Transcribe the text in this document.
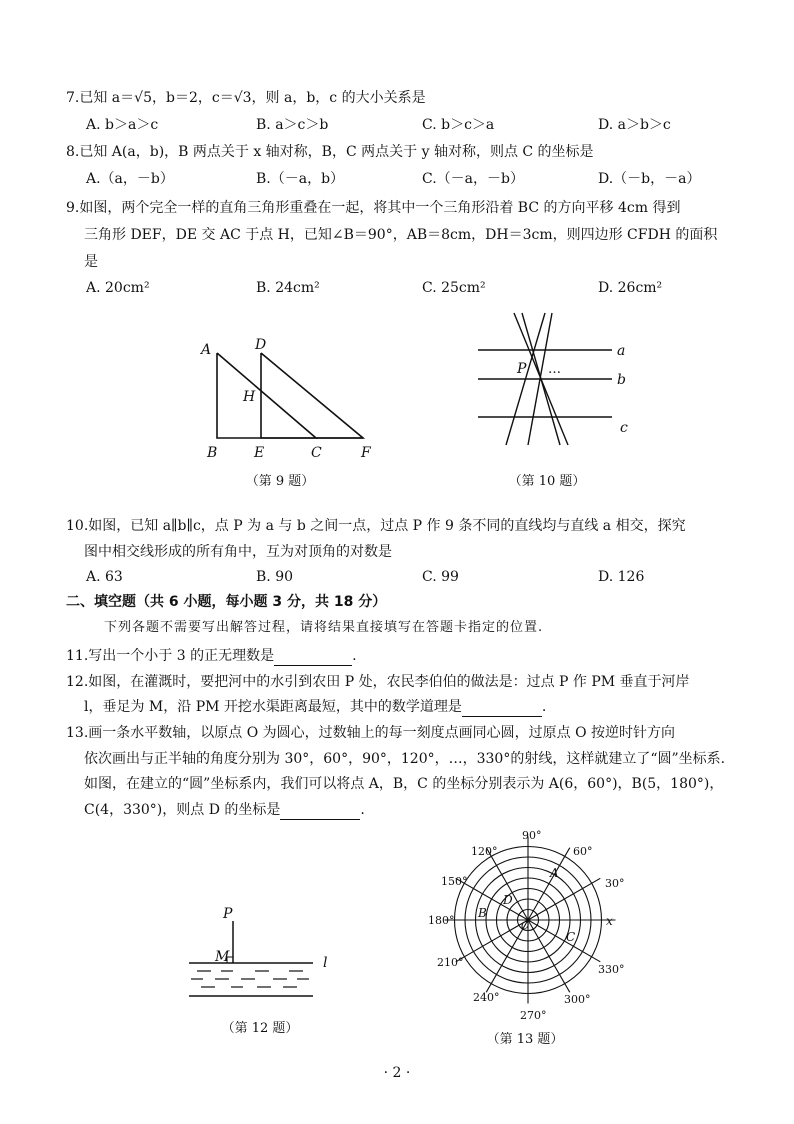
7.已知 a＝√5，b＝2，c＝√3，则 a，b，c 的大小关系是
A. b＞a＞c	B. a＞c＞b	C. b＞c＞a	D. a＞b＞c
8.已知 A(a，b)，B 两点关于 x 轴对称，B，C 两点关于 y 轴对称，则点 C 的坐标是
A.（a，－b）	B.（－a，b）	C.（－a，－b）	D.（－b，－a）
9.如图，两个完全一样的直角三角形重叠在一起，将其中一个三角形沿着 BC 的方向平移 4cm 得到
三角形 DEF，DE 交 AC 于点 H，已知∠B＝90°，AB＝8cm，DH＝3cm，则四边形 CFDH 的面积
是
A. 20cm²	B. 24cm²	C. 25cm²	D. 26cm²
A	D
H
B	E	C	F
（第 9 题）
P …
a
b
c
（第 10 题）
10.如图，已知 a∥b∥c，点 P 为 a 与 b 之间一点，过点 P 作 9 条不同的直线均与直线 a 相交，探究
图中相交线形成的所有角中，互为对顶角的对数是
A. 63	B. 90	C. 99	D. 126
二、填空题（共 6 小题，每小题 3 分，共 18 分）
下列各题不需要写出解答过程，请将结果直接填写在答题卡指定的位置.
11.写出一个小于 3 的正无理数是	.
12.如图，在灌溉时，要把河中的水引到农田 P 处，农民李伯伯的做法是：过点 P 作 PM 垂直于河岸
l，垂足为 M，沿 PM 开挖水渠距离最短，其中的数学道理是	.
13.画一条水平数轴，以原点 O 为圆心，过数轴上的每一刻度点画同心圆，过原点 O 按逆时针方向
依次画出与正半轴的角度分别为 30°，60°，90°，120°，…，330°的射线，这样就建立了“圆”坐标系.
如图，在建立的“圆”坐标系内，我们可以将点 A，B，C 的坐标分别表示为 A(6，60°)，B(5，180°)，
C(4，330°)，则点 D 的坐标是	.
P
M	l
（第 12 题）
90°
60°
30°
120°
150°
180°
210°
240°
270°
300°
330°
A
B
C
D
O	x
（第 13 题）
· 2 ·
